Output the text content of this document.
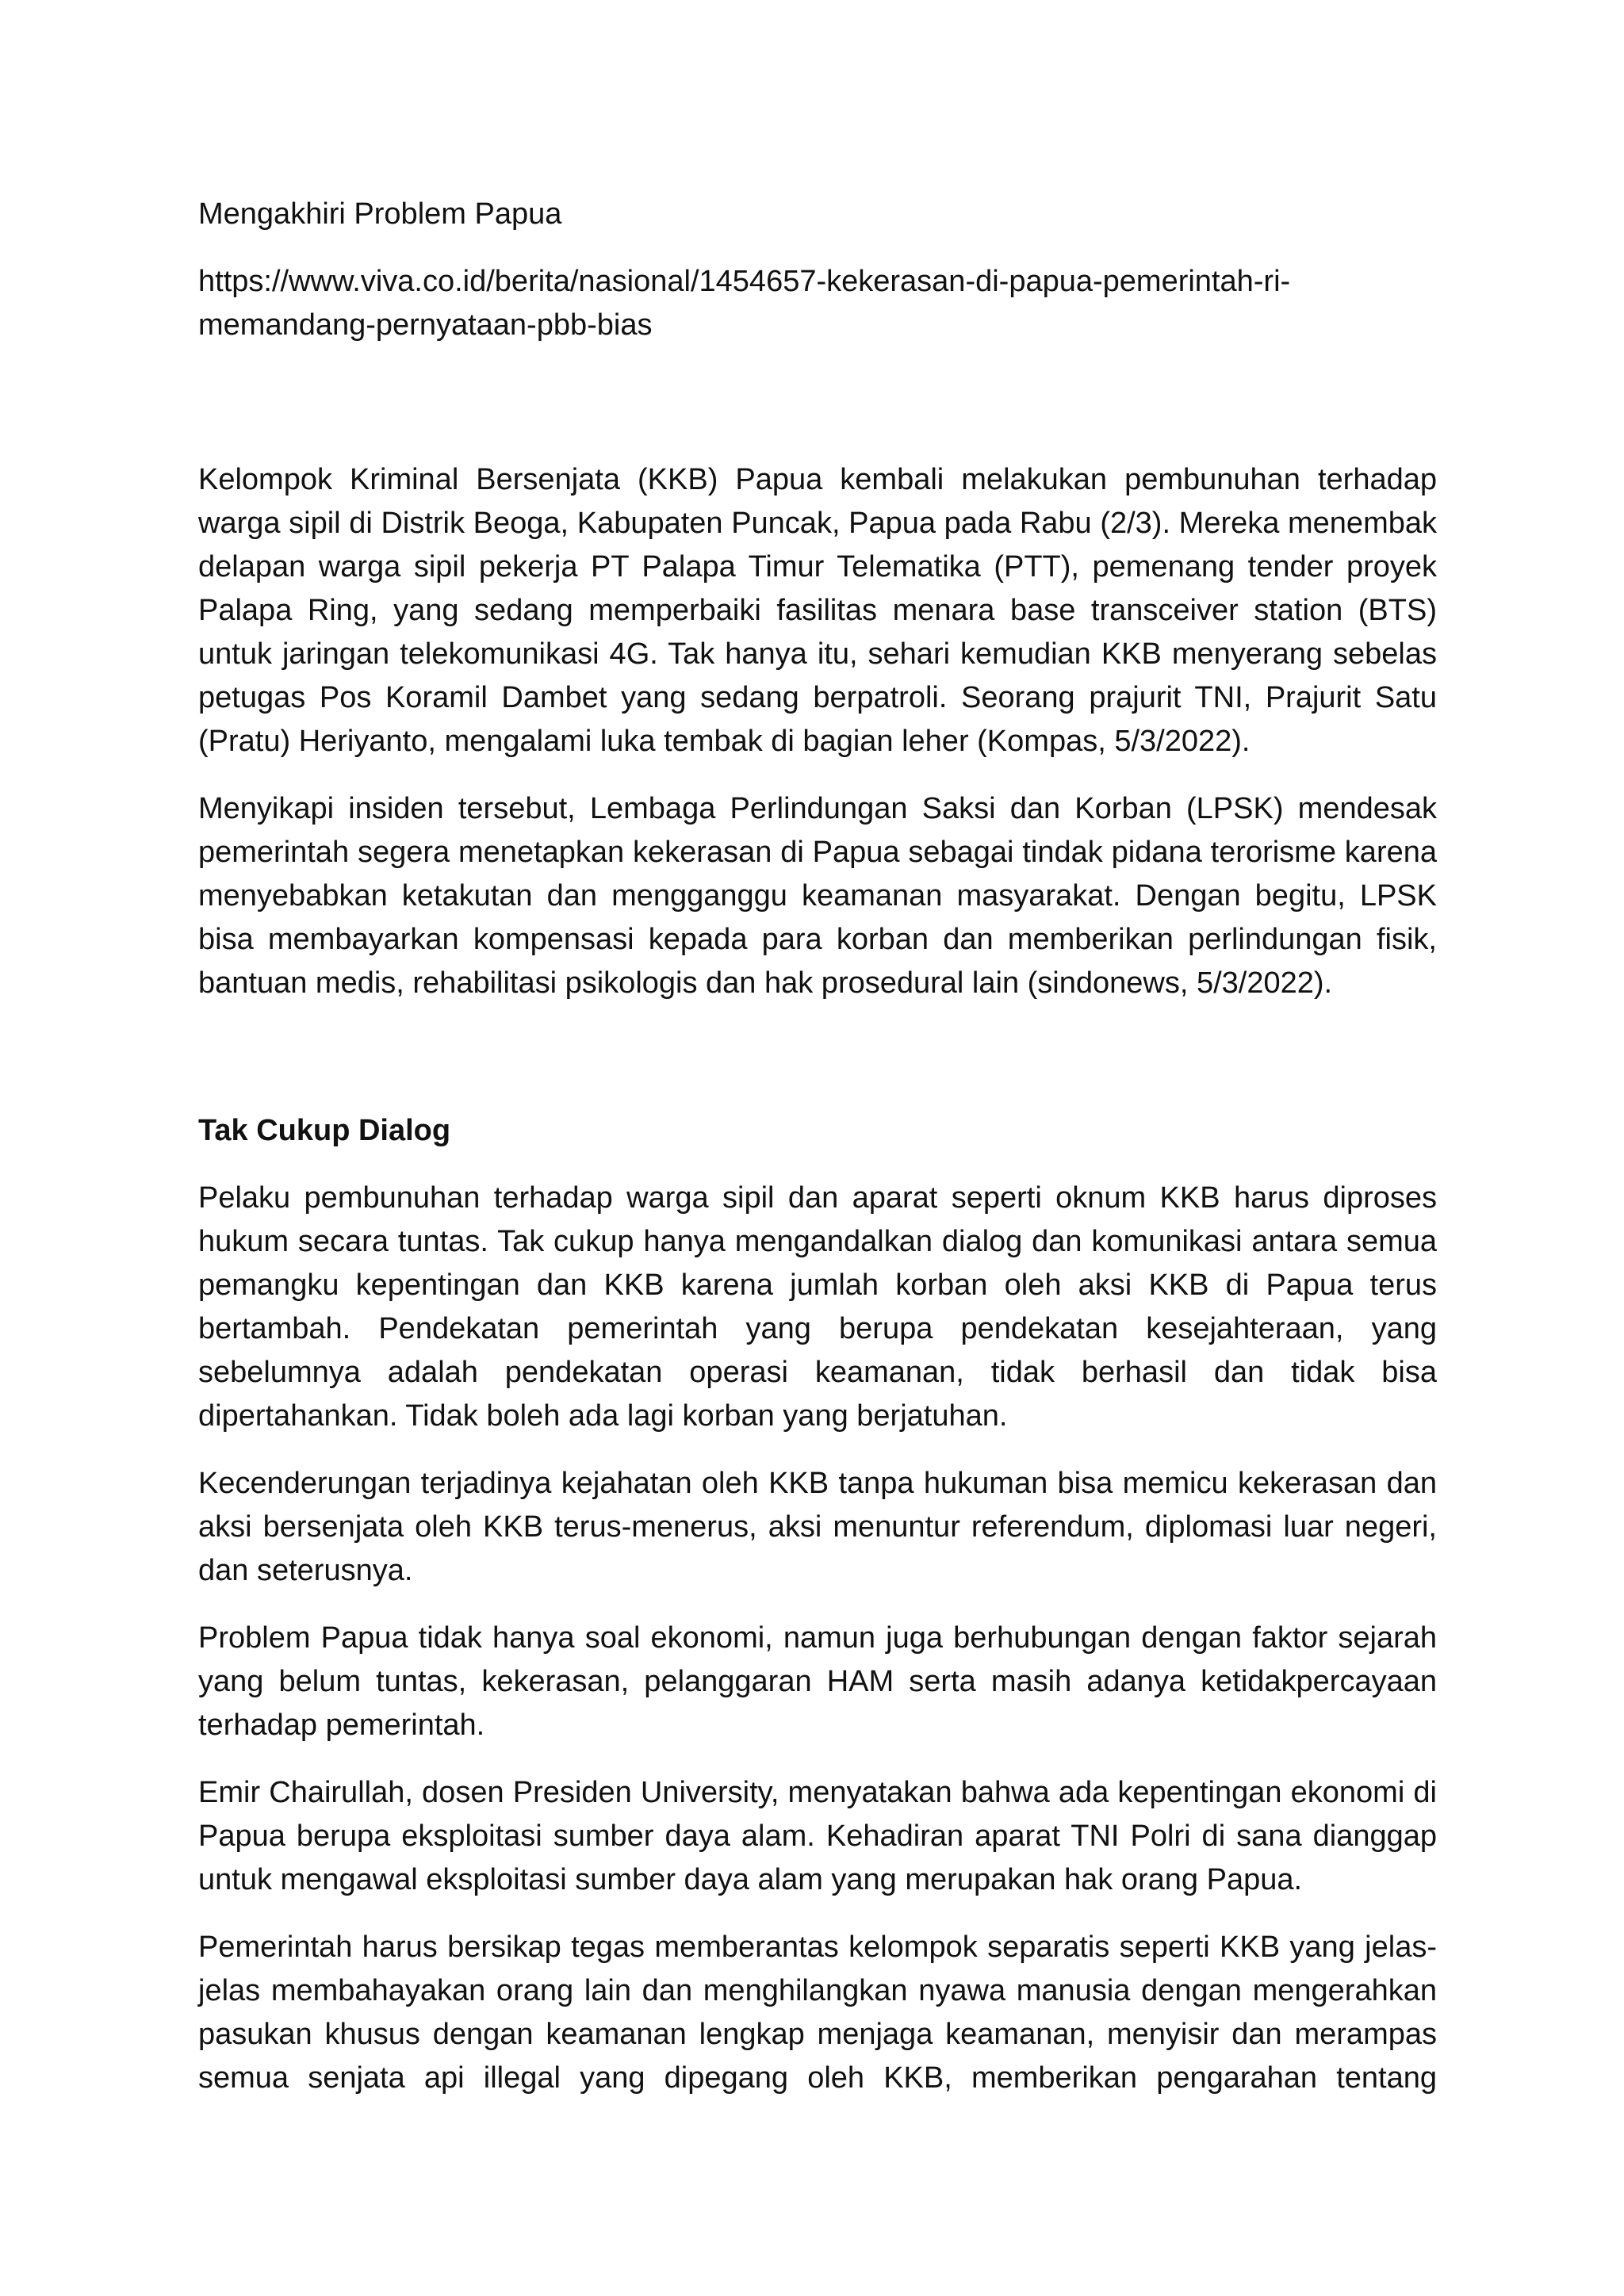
Mengakhiri Problem Papua

https://www.viva.co.id/berita/nasional/1454657-kekerasan-di-papua-pemerintah-ri-memandang-pernyataan-pbb-bias

Kelompok Kriminal Bersenjata (KKB) Papua kembali melakukan pembunuhan terhadap warga sipil di Distrik Beoga, Kabupaten Puncak, Papua pada Rabu (2/3). Mereka menembak delapan warga sipil pekerja PT Palapa Timur Telematika (PTT), pemenang tender proyek Palapa Ring, yang sedang memperbaiki fasilitas menara base transceiver station (BTS) untuk jaringan telekomunikasi 4G. Tak hanya itu, sehari kemudian KKB menyerang sebelas petugas Pos Koramil Dambet yang sedang berpatroli. Seorang prajurit TNI, Prajurit Satu (Pratu) Heriyanto, mengalami luka tembak di bagian leher (Kompas, 5/3/2022).

Menyikapi insiden tersebut, Lembaga Perlindungan Saksi dan Korban (LPSK) mendesak pemerintah segera menetapkan kekerasan di Papua sebagai tindak pidana terorisme karena menyebabkan ketakutan dan mengganggu keamanan masyarakat. Dengan begitu, LPSK bisa membayarkan kompensasi kepada para korban dan memberikan perlindungan fisik, bantuan medis, rehabilitasi psikologis dan hak prosedural lain (sindonews, 5/3/2022).

Tak Cukup Dialog

Pelaku pembunuhan terhadap warga sipil dan aparat seperti oknum KKB harus diproses hukum secara tuntas. Tak cukup hanya mengandalkan dialog dan komunikasi antara semua pemangku kepentingan dan KKB karena jumlah korban oleh aksi KKB di Papua terus bertambah. Pendekatan pemerintah yang berupa pendekatan kesejahteraan, yang sebelumnya adalah pendekatan operasi keamanan, tidak berhasil dan tidak bisa dipertahankan. Tidak boleh ada lagi korban yang berjatuhan.

Kecenderungan terjadinya kejahatan oleh KKB tanpa hukuman bisa memicu kekerasan dan aksi bersenjata oleh KKB terus-menerus, aksi menuntur referendum, diplomasi luar negeri, dan seterusnya.

Problem Papua tidak hanya soal ekonomi, namun juga berhubungan dengan faktor sejarah yang belum tuntas, kekerasan, pelanggaran HAM serta masih adanya ketidakpercayaan terhadap pemerintah.

Emir Chairullah, dosen Presiden University, menyatakan bahwa ada kepentingan ekonomi di Papua berupa eksploitasi sumber daya alam. Kehadiran aparat TNI Polri di sana dianggap untuk mengawal eksploitasi sumber daya alam yang merupakan hak orang Papua.

Pemerintah harus bersikap tegas memberantas kelompok separatis seperti KKB yang jelas-jelas membahayakan orang lain dan menghilangkan nyawa manusia dengan mengerahkan pasukan khusus dengan keamanan lengkap menjaga keamanan, menyisir dan merampas semua senjata api illegal yang dipegang oleh KKB, memberikan pengarahan tentang
